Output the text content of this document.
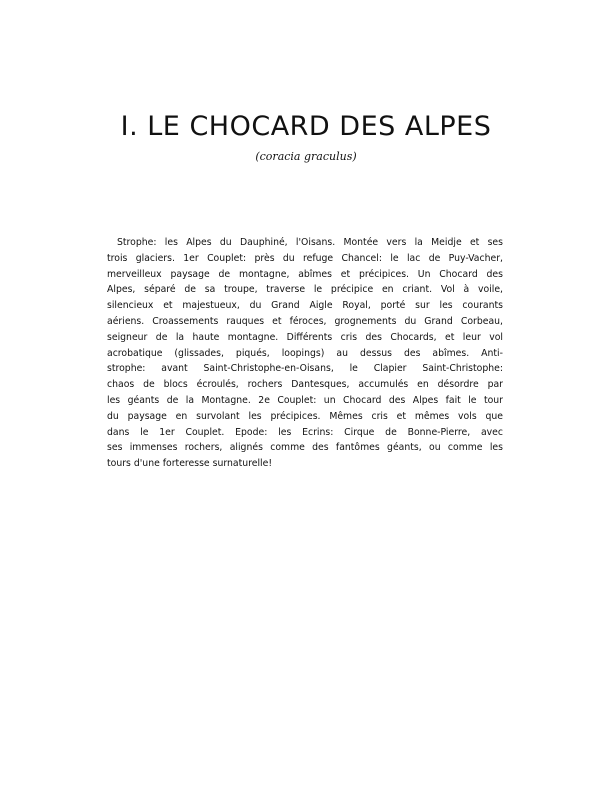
I. LE CHOCARD DES ALPES
(coracia graculus)
Strophe: les Alpes du Dauphiné, l'Oisans. Montée vers la Meidje et ses
trois glaciers. 1er Couplet: près du refuge Chancel: le lac de Puy-Vacher,
merveilleux paysage de montagne, abîmes et précipices. Un Chocard des
Alpes, séparé de sa troupe, traverse le précipice en criant. Vol à voile,
silencieux et majestueux, du Grand Aigle Royal, porté sur les courants
aériens. Croassements rauques et féroces, grognements du Grand Corbeau,
seigneur de la haute montagne. Différents cris des Chocards, et leur vol
acrobatique (glissades, piqués, loopings) au dessus des abîmes. Anti-
strophe: avant Saint-Christophe-en-Oisans, le Clapier Saint-Christophe:
chaos de blocs écroulés, rochers Dantesques, accumulés en désordre par
les géants de la Montagne. 2e Couplet: un Chocard des Alpes fait le tour
du paysage en survolant les précipices. Mêmes cris et mêmes vols que
dans le 1er Couplet. Epode: les Ecrins: Cirque de Bonne-Pierre, avec
ses immenses rochers, alignés comme des fantômes géants, ou comme les
tours d'une forteresse surnaturelle!
